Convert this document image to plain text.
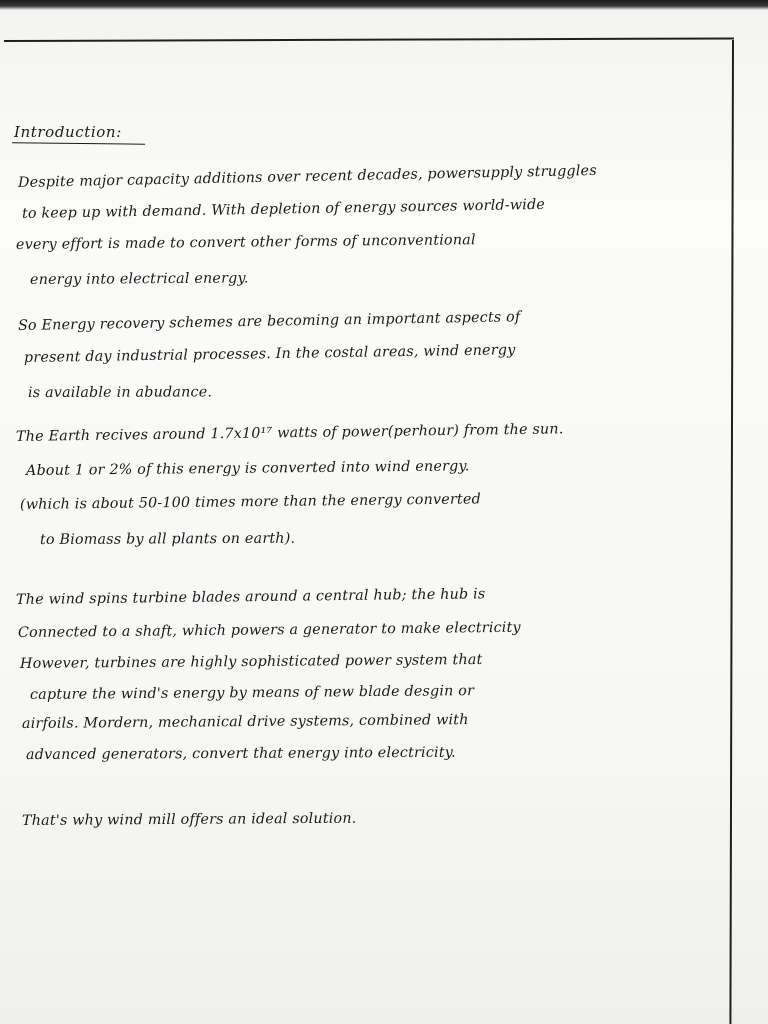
Introduction:
Despite major capacity additions over recent decades, powersupply struggles
to keep up with demand. With depletion of energy sources world-wide
every effort is made to convert other forms of unconventional
energy into electrical energy.
So Energy recovery schemes are becoming an important aspects of
present day industrial processes. In the costal areas, wind energy
is available in abudance.
The Earth recives around 1.7x10¹⁷ watts of power(perhour) from the sun.
About 1 or 2% of this energy is converted into wind energy.
(which is about 50-100 times more than the energy converted
to Biomass by all plants on earth).
The wind spins turbine blades around a central hub; the hub is
Connected to a shaft, which powers a generator to make electricity
However, turbines are highly sophisticated power system that
capture the wind's energy by means of new blade desgin or
airfoils. Mordern, mechanical drive systems, combined with
advanced generators, convert that energy into electricity.
That's why wind mill offers an ideal solution.
